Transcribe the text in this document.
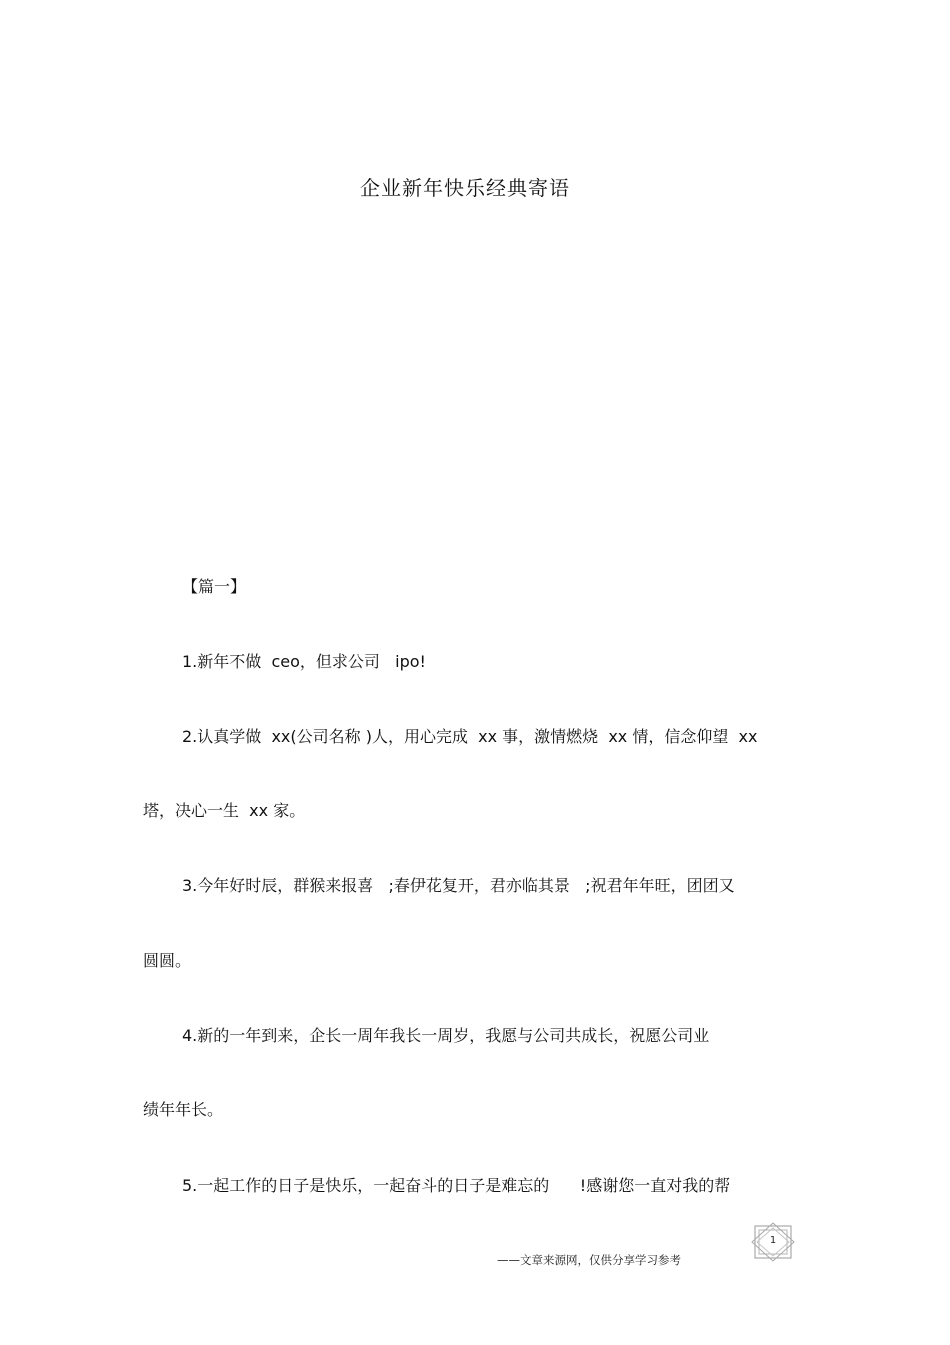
企业新年快乐经典寄语
【篇一】
1.新年不做  ceo，但求公司   ipo!
2.认真学做  xx(公司名称 )人，用心完成  xx 事，激情燃烧  xx 情，信念仰望  xx
塔，决心一生  xx 家。
3.今年好时辰，群猴来报喜   ;春伊花复开，君亦临其景   ;祝君年年旺，团团又
圆圆。
4.新的一年到来，企长一周年我长一周岁，我愿与公司共成长，祝愿公司业
绩年年长。
5.一起工作的日子是快乐，一起奋斗的日子是难忘的      !感谢您一直对我的帮
1
——文章来源网，仅供分享学习参考
